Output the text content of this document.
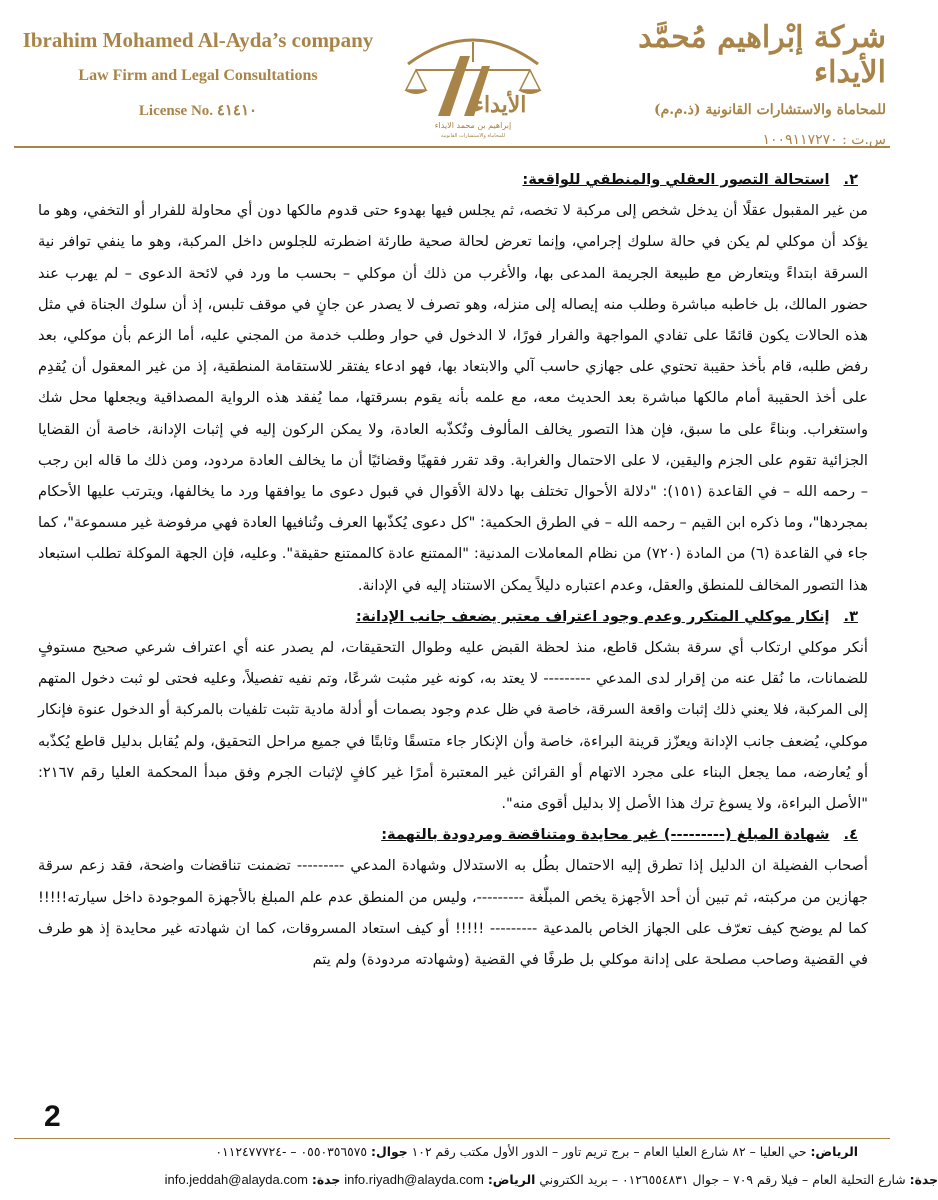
Ibrahim Mohamed Al-Ayda’s company
Law Firm and Legal Consultations
License No. ٤١٤١٠	الأيداء
إبراهيم بن محمد الايداء
للمحاماة والاستشارات القانونية
شركة إبْراهيم مُحمَّد الأيداء
للمحاماة والاستشارات القانونية (ذ.م.م)
س.ت : ١٠٠٩١١٧٢٧٠
٢.
استحالة التصور العقلي والمنطقي للواقعة:

من غير المقبول عقلًا أن يدخل شخص إلى مركبة لا تخصه، ثم يجلس فيها بهدوء حتى قدوم مالكها دون أي محاولة للفرار أو التخفي، وهو ما يؤكد أن موكلي لم يكن في حالة سلوك إجرامي، وإنما تعرض لحالة صحية طارئة اضطرته للجلوس داخل المركبة، وهو ما ينفي توافر نية السرقة ابتداءً ويتعارض مع طبيعة الجريمة المدعى بها، والأغرب من ذلك أن موكلي – بحسب ما ورد في لائحة الدعوى – لم يهرب عند حضور المالك، بل خاطبه مباشرة وطلب منه إيصاله إلى منزله، وهو تصرف لا يصدر عن جانٍ في موقف تلبس، إذ أن سلوك الجناة في مثل هذه الحالات يكون قائمًا على تفادي المواجهة والفرار فورًا، لا الدخول في حوار وطلب خدمة من المجني عليه، أما الزعم بأن موكلي، بعد رفض طلبه، قام بأخذ حقيبة تحتوي على جهازي حاسب آلي والابتعاد بها، فهو ادعاء يفتقر للاستقامة المنطقية، إذ من غير المعقول أن يُقدِم على أخذ الحقيبة أمام مالكها مباشرة بعد الحديث معه، مع علمه بأنه يقوم بسرقتها، مما يُفقد هذه الرواية المصداقية ويجعلها محل شك واستغراب. وبناءً على ما سبق، فإن هذا التصور يخالف المألوف وتُكذّبه العادة، ولا يمكن الركون إليه في إثبات الإدانة، خاصة أن القضايا الجزائية تقوم على الجزم واليقين، لا على الاحتمال والغرابة. وقد تقرر فقهيًا وقضائيًا أن ما يخالف العادة مردود، ومن ذلك ما قاله ابن رجب – رحمه الله – في القاعدة (١٥١): "دلالة الأحوال تختلف بها دلالة الأقوال في قبول دعوى ما يوافقها ورد ما يخالفها، ويترتب عليها الأحكام بمجردها"، وما ذكره ابن القيم – رحمه الله – في الطرق الحكمية: "كل دعوى يُكذّبها العرف وتُنافيها العادة فهي مرفوضة غير مسموعة"، كما جاء في القاعدة (٦) من المادة (٧٢٠) من نظام المعاملات المدنية: "الممتنع عادة كالممتنع حقيقة". وعليه، فإن الجهة الموكلة تطلب استبعاد هذا التصور المخالف للمنطق والعقل، وعدم اعتباره دليلاً يمكن الاستناد إليه في الإدانة.

٣.
إنكار موكلي المتكرر وعدم وجود اعتراف معتبر يضعف جانب الإدانة:

أنكر موكلي ارتكاب أي سرقة بشكل قاطع، منذ لحظة القبض عليه وطوال التحقيقات، لم يصدر عنه أي اعتراف شرعي صحيح مستوفٍ للضمانات، ما نُقل عنه من إقرار لدى المدعي --------- لا يعتد به، كونه غير مثبت شرعًا، وتم نفيه تفصيلاً، وعليه فحتى لو ثبت دخول المتهم إلى المركبة، فلا يعني ذلك إثبات واقعة السرقة، خاصة في ظل عدم وجود بصمات أو أدلة مادية تثبت تلفيات بالمركبة أو الدخول عنوة فإنكار موكلي، يُضعف جانب الإدانة ويعزّز قرينة البراءة، خاصة وأن الإنكار جاء متسقًا وثابتًا في جميع مراحل التحقيق، ولم يُقابل بدليل قاطع يُكذّبه أو يُعارضه، مما يجعل البناء على مجرد الاتهام أو القرائن غير المعتبرة أمرًا غير كافٍ لإثبات الجرم وفق مبدأ المحكمة العليا رقم ٢١٦٧: "الأصل البراءة، ولا يسوغ ترك هذا الأصل إلا بدليل أقوى منه".

٤.
شهادة المبلغ (---------) غير محايدة ومتناقضة ومردودة بالتهمة:

أصحاب الفضيلة ان الدليل إذا تطرق إليه الاحتمال بطُل به الاستدلال وشهادة المدعي --------- تضمنت تناقضات واضحة، فقد زعم سرقة جهازين من مركبته، ثم تبين أن أحد الأجهزة يخص المبلّغة ---------، وليس من المنطق عدم علم المبلغ بالأجهزة الموجودة داخل سيارته!!!!! كما لم يوضح كيف تعرّف على الجهاز الخاص بالمدعية --------- !!!!! أو كيف استعاد المسروقات، كما ان شهادته غير محايدة إذ هو طرف في القضية وصاحب مصلحة على إدانة موكلي بل طرفًا في القضية (وشهادته مردودة) ولم يتم

2
الرياض: حي العليا – ٨٢ شارع العليا العام – برج تريم تاور – الدور الأول مكتب رقم ١٠٢ جوال: ٠٥٥٠٣٥٦٥٧٥ – -٠١١٢٤٧٧٧٢٤
جدة: شارع التحلية العام – فيلا رقم ٧٠٩ – جوال ٠١٢٦٥٥٤٨٣١ – بريد الكتروني الرياض: info.riyadh@alayda.com جدة: info.jeddah@alayda.com
